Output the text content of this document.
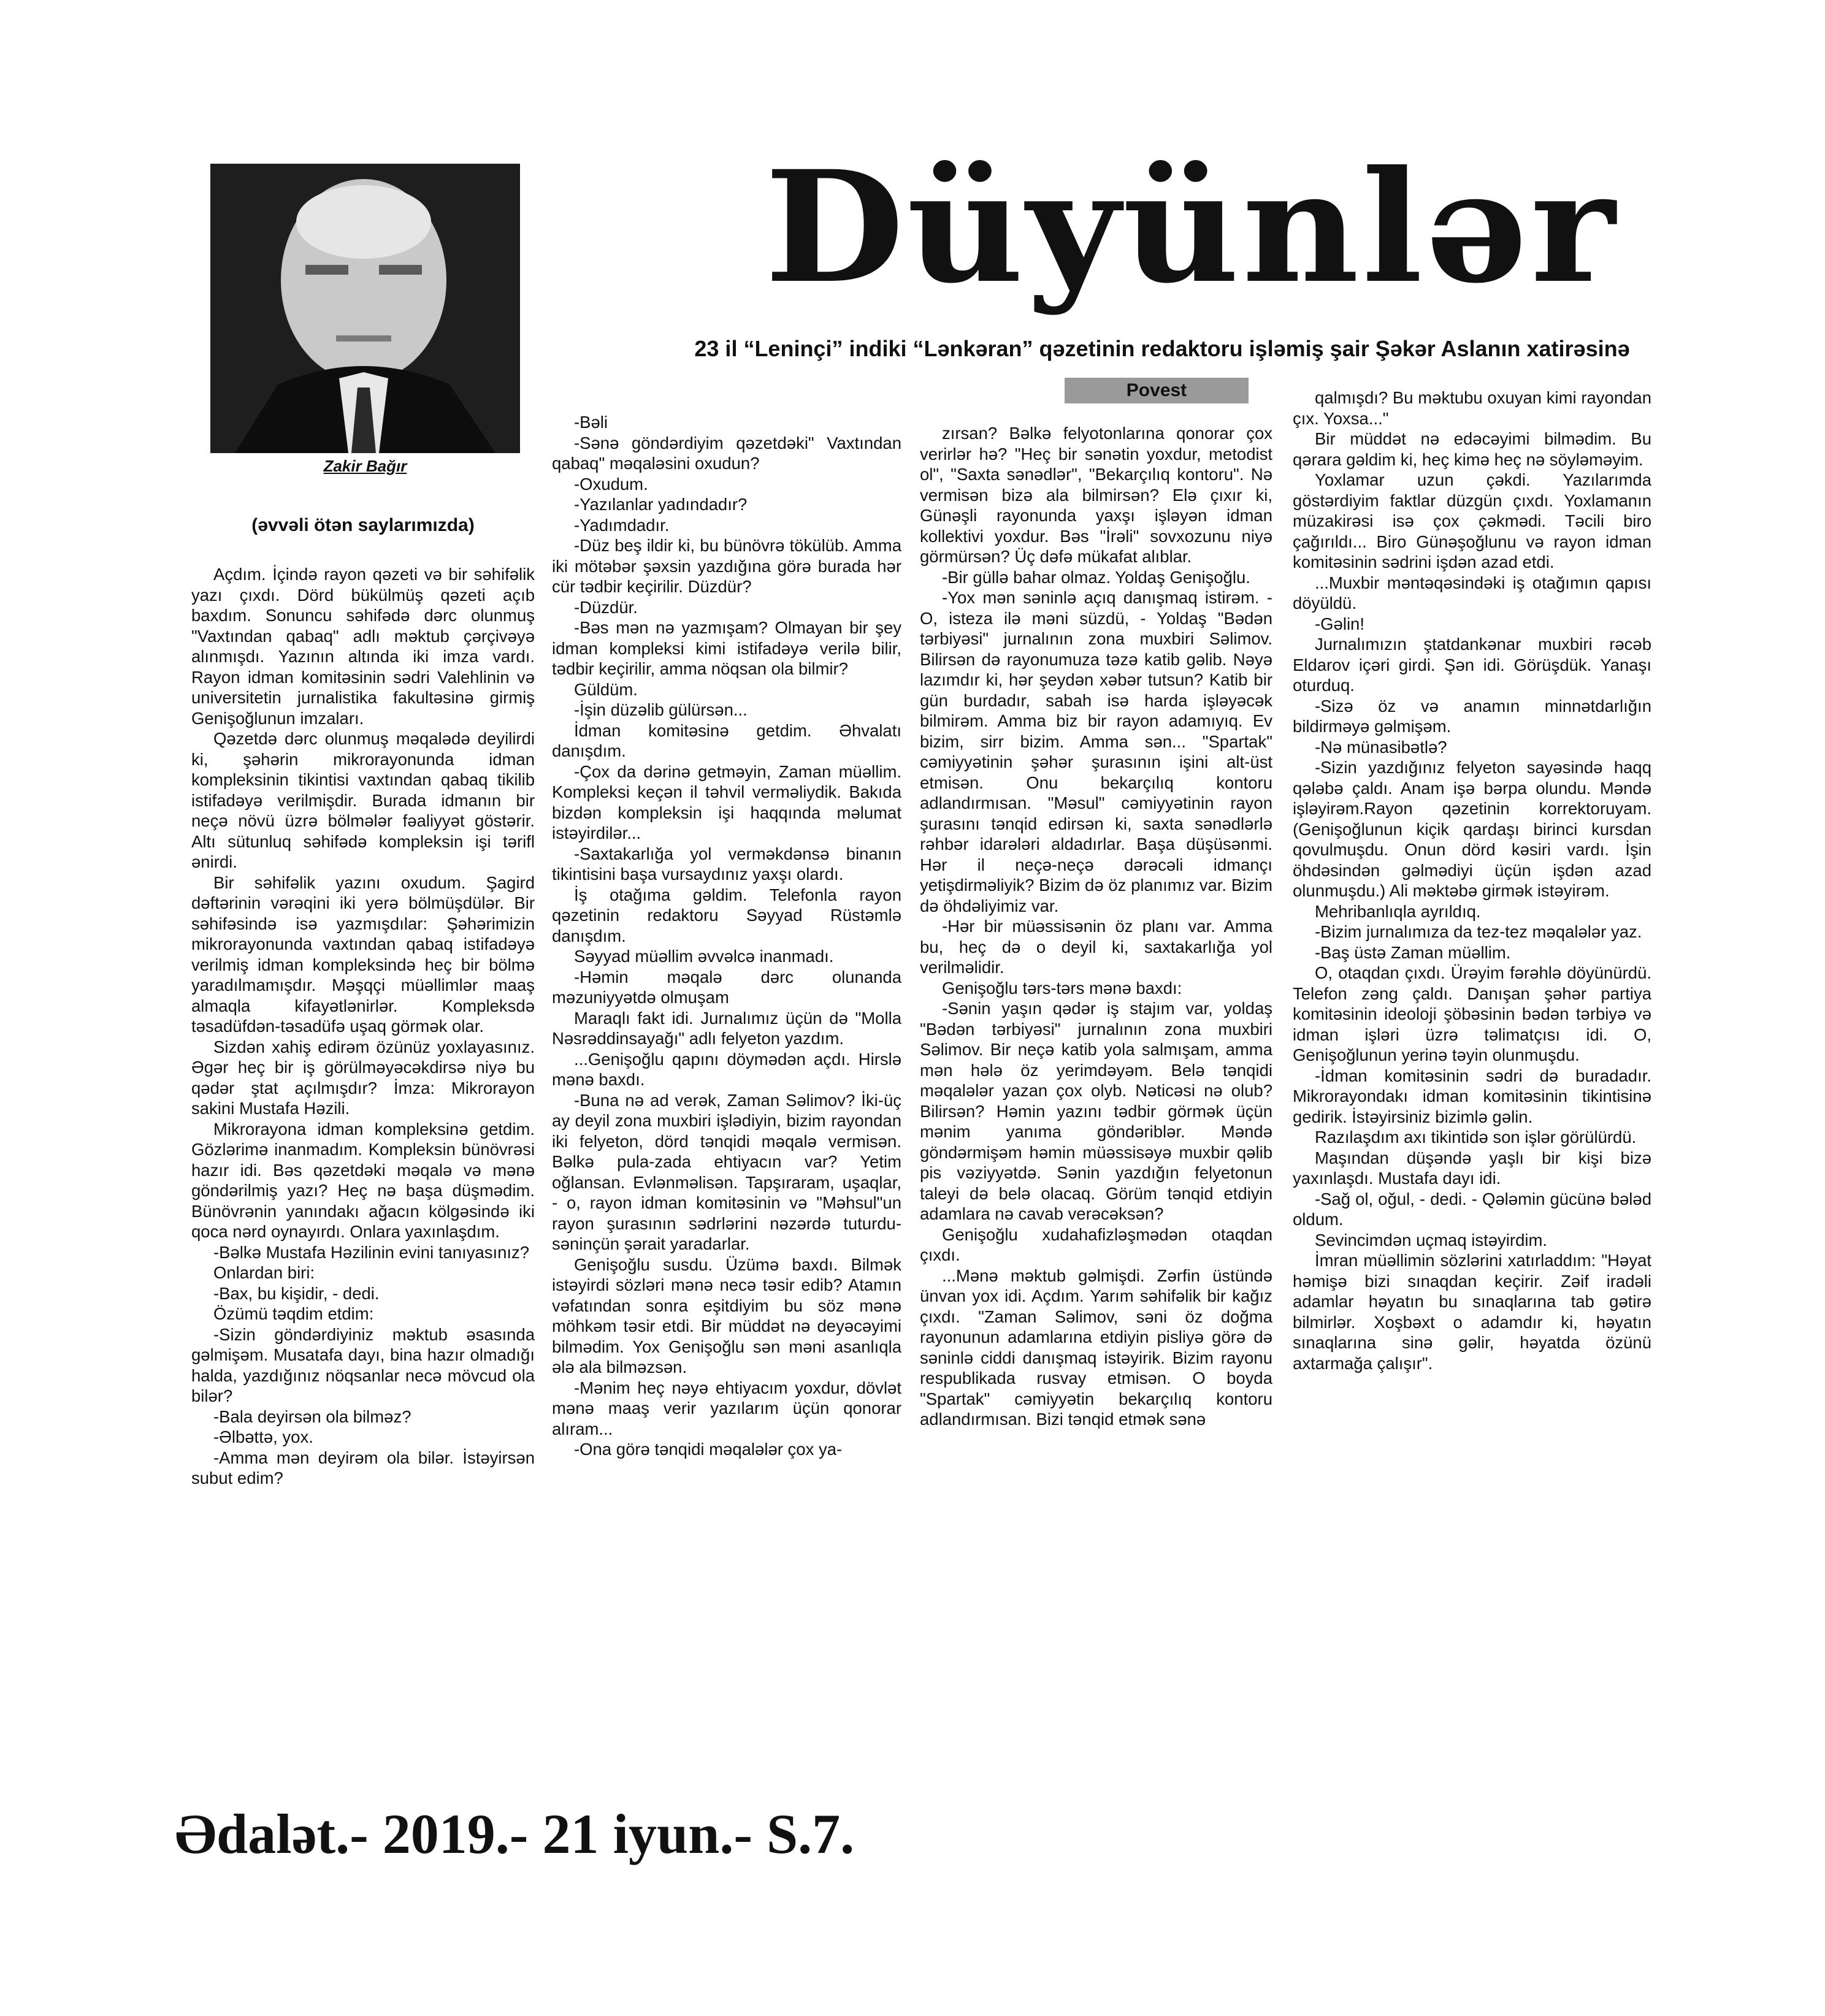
Zakir Bağır
Düyünlər
23 il “Leninçi” indiki “Lənkəran” qəzetinin redaktoru işləmiş şair Şəkər Aslanın xatirəsinə
Povest
(əvvəli ötən saylarımızda)

Açdım. İçində rayon qəzeti və bir səhifəlik yazı çıxdı. Dörd bükülmüş qəzeti açıb baxdım. Sonuncu səhifədə dərc olunmuş "Vaxtından qabaq" adlı məktub çərçivəyə alınmışdı. Yazının altında iki imza vardı. Rayon idman komitəsinin sədri Valehlinin və universitetin jurnalistika fakultəsinə girmiş Genişoğlunun imzaları.

Qəzetdə dərc olunmuş məqalədə deyilirdi ki, şəhərin mikrorayonunda idman kompleksinin tikintisi vaxtından qabaq tikilib istifadəyə verilmişdir. Burada idmanın bir neçə növü üzrə bölmələr fəaliyyət göstərir. Altı sütunluq səhifədə kompleksin işi tərifl ənirdi.

Bir səhifəlik yazını oxudum. Şagird dəftərinin vərəqini iki yerə bölmüşdülər. Bir səhifəsində isə yazmışdılar: Şəhərimizin mikrorayonunda vaxtından qabaq istifadəyə verilmiş idman kompleksində heç bir bölmə yaradılmamışdır. Məşqçi müəllimlər maaş almaqla kifayətlənirlər. Kompleksdə təsadüfdən-təsadüfə uşaq görmək olar.

Sizdən xahiş edirəm özünüz yoxlayasınız. Əgər heç bir iş görülməyəcəkdirsə niyə bu qədər ştat açılmışdır? İmza: Mikrorayon sakini Mustafa Həzili.

Mikrorayona idman kompleksinə getdim. Gözlərimə inanmadım. Kompleksin bünövrəsi hazır idi. Bəs qəzetdəki məqalə və mənə göndərilmiş yazı? Heç nə başa düşmədim. Bünövrənin yanındakı ağacın kölgəsində iki qoca nərd oynayırdı. Onlara yaxınlaşdım.

-Bəlkə Mustafa Həzilinin evini tanıyasınız?

Onlardan biri:

-Bax, bu kişidir, - dedi.

Özümü təqdim etdim:

-Sizin göndərdiyiniz məktub əsasında gəlmişəm. Musatafa dayı, bina hazır olmadığı halda, yazdığınız nöqsanlar necə mövcud ola bilər?

-Bala deyirsən ola bilməz?

-Əlbəttə, yox.

-Amma mən deyirəm ola bilər. İstəyirsən subut edim?

-Bəli

-Sənə göndərdiyim qəzetdəki" Vaxtından qabaq" məqaləsini oxudun?

-Oxudum.

-Yazılanlar yadındadır?

-Yadımdadır.

-Düz beş ildir ki, bu bünövrə tökülüb. Amma iki mötəbər şəxsin yazdığına görə burada hər cür tədbir keçirilir. Düzdür?

-Düzdür.

-Bəs mən nə yazmışam? Olmayan bir şey idman kompleksi kimi istifadəyə verilə bilir, tədbir keçirilir, amma nöqsan ola bilmir?

Güldüm.

-İşin düzəlib gülürsən...

İdman komitəsinə getdim. Əhvalatı danışdım.

-Çox da dərinə getməyin, Zaman müəllim. Kompleksi keçən il təhvil verməliydik. Bakıda bizdən kompleksin işi haqqında məlumat istəyirdilər...

-Saxtakarlığa yol verməkdənsə binanın tikintisini başa vursaydınız yaxşı olardı.

İş otağıma gəldim. Telefonla rayon qəzetinin redaktoru Səyyad Rüstəmlə danışdım.

Səyyad müəllim əvvəlcə inanmadı.

-Həmin məqalə dərc olunanda məzuniyyətdə olmuşam

Maraqlı fakt idi. Jurnalımız üçün də "Molla Nəsrəddinsayağı" adlı felyeton yazdım.

...Genişoğlu qapını döymədən açdı. Hirslə mənə baxdı.

-Buna nə ad verək, Zaman Səlimov? İki-üç ay deyil zona muxbiri işlədiyin, bizim rayondan iki felyeton, dörd tənqidi məqalə vermisən. Bəlkə pula-zada ehtiyacın var? Yetim oğlansan. Evlənməlisən. Tapşıraram, uşaqlar, - o, rayon idman komitəsinin və "Məhsul"un rayon şurasının sədrlərini nəzərdə tuturdu-səninçün şərait yaradarlar.

Genişoğlu susdu. Üzümə baxdı. Bilmək istəyirdi sözləri mənə necə təsir edib? Atamın vəfatından sonra eşitdiyim bu söz mənə möhkəm təsir etdi. Bir müddət nə deyəcəyimi bilmədim. Yox Genişoğlu sən məni asanlıqla ələ ala bilməzsən.

-Mənim heç nəyə ehtiyacım yoxdur, dövlət mənə maaş verir yazılarım üçün qonorar alıram...

-Ona görə tənqidi məqalələr çox ya-

zırsan? Bəlkə felyotonlarına qonorar çox verirlər hə? "Heç bir sənətin yoxdur, metodist ol", "Saxta sənədlər", "Bekarçılıq kontoru". Nə vermisən bizə ala bilmirsən? Elə çıxır ki, Günəşli rayonunda yaxşı işləyən idman kollektivi yoxdur. Bəs "İrəli" sovxozunu niyə görmürsən? Üç dəfə mükafat alıblar.

-Bir güllə bahar olmaz. Yoldaş Genişoğlu.

-Yox mən səninlə açıq danışmaq istirəm. - O, isteza ilə məni süzdü, - Yoldaş "Bədən tərbiyəsi" jurnalının zona muxbiri Səlimov. Bilirsən də rayonumuza təzə katib gəlib. Nəyə lazımdır ki, hər şeydən xəbər tutsun? Katib bir gün burdadır, sabah isə harda işləyəcək bilmirəm. Amma biz bir rayon adamıyıq. Ev bizim, sirr bizim. Amma sən... "Spartak" cəmiyyətinin şəhər şurasının işini alt-üst etmisən. Onu bekarçılıq kontoru adlandırmısan. "Məsul" cəmiyyətinin rayon şurasını tənqid edirsən ki, saxta sənədlərlə rəhbər idarələri aldadırlar. Başa düşüsənmi. Hər il neçə-neçə dərəcəli idmançı yetişdirməliyik? Bizim də öz planımız var. Bizim də öhdəliyimiz var.

-Hər bir müəssisənin öz planı var. Amma bu, heç də o deyil ki, saxtakarlığa yol verilməlidir.

Genişoğlu tərs-tərs mənə baxdı:

-Sənin yaşın qədər iş stajım var, yoldaş "Bədən tərbiyəsi" jurnalının zona muxbiri Səlimov. Bir neçə katib yola salmışam, amma mən hələ öz yerimdəyəm. Belə tənqidi məqalələr yazan çox olyb. Nəticəsi nə olub? Bilirsən? Həmin yazını tədbir görmək üçün mənim yanıma göndəriblər. Məndə göndərmişəm həmin müəssisəyə muxbir qəlib pis vəziyyətdə. Sənin yazdığın felyetonun taleyi də belə olacaq. Görüm tənqid etdiyin adamlara nə cavab verəcəksən?

Genişoğlu xudahafizləşmədən otaqdan çıxdı.

...Mənə məktub gəlmişdi. Zərfin üstündə ünvan yox idi. Açdım. Yarım səhifəlik bir kağız çıxdı. "Zaman Səlimov, səni öz doğma rayonunun adamlarına etdiyin pisliyə görə də səninlə ciddi danışmaq istəyirik. Bizim rayonu respublikada rusvay etmisən. O boyda "Spartak" cəmiyyətin bekarçılıq kontoru adlandırmısan. Bizi tənqid etmək sənə

qalmışdı? Bu məktubu oxuyan kimi rayondan çıx. Yoxsa..."

Bir müddət nə edəcəyimi bilmədim. Bu qərara gəldim ki, heç kimə heç nə söyləməyim.

Yoxlamar uzun çəkdi. Yazılarımda göstərdiyim faktlar düzgün çıxdı. Yoxlamanın müzakirəsi isə çox çəkmədi. Təcili biro çağırıldı... Biro Günəşoğlunu və rayon idman komitəsinin sədrini işdən azad etdi.

...Muxbir məntəqəsindəki iş otağımın qapısı döyüldü.

-Gəlin!

Jurnalımızın ştatdankənar muxbiri rəcəb Eldarov içəri girdi. Şən idi. Görüşdük. Yanaşı oturduq.

-Sizə öz və anamın minnətdarlığın bildirməyə gəlmişəm.

-Nə münasibətlə?

-Sizin yazdığınız felyeton sayəsində haqq qələbə çaldı. Anam işə bərpa olundu. Məndə işləyirəm.Rayon qəzetinin korrektoruyam. (Genişoğlunun kiçik qardaşı birinci kursdan qovulmuşdu. Onun dörd kəsiri vardı. İşin öhdəsindən gəlmədiyi üçün işdən azad olunmuşdu.) Ali məktəbə girmək istəyirəm.

Mehribanlıqla ayrıldıq.

-Bizim jurnalımıza da tez-tez məqalələr yaz.

-Baş üstə Zaman müəllim.

O, otaqdan çıxdı. Ürəyim fərəhlə döyünürdü. Telefon zəng çaldı. Danışan şəhər partiya komitəsinin ideoloji şöbəsinin bədən tərbiyə və idman işləri üzrə təlimatçısı idi. O, Genişoğlunun yerinə təyin olunmuşdu.

-İdman komitəsinin sədri də buradadır. Mikrorayondakı idman komitəsinin tikintisinə gedirik. İstəyirsiniz bizimlə gəlin.

Razılaşdım axı tikintidə son işlər görülürdü.

Maşından düşəndə yaşlı bir kişi bizə yaxınlaşdı. Mustafa dayı idi.

-Sağ ol, oğul, - dedi. - Qələmin gücünə bələd oldum.

Sevincimdən uçmaq istəyirdim.

İmran müəllimin sözlərini xatırladdım: "Həyat həmişə bizi sınaqdan keçirir. Zəif iradəli adamlar həyatın bu sınaqlarına tab gətirə bilmirlər. Xoşbəxt o adamdır ki, həyatın sınaqlarına sinə gəlir, həyatda özünü axtarmağa çalışır".

Ədalət.- 2019.- 21 iyun.- S.7.
